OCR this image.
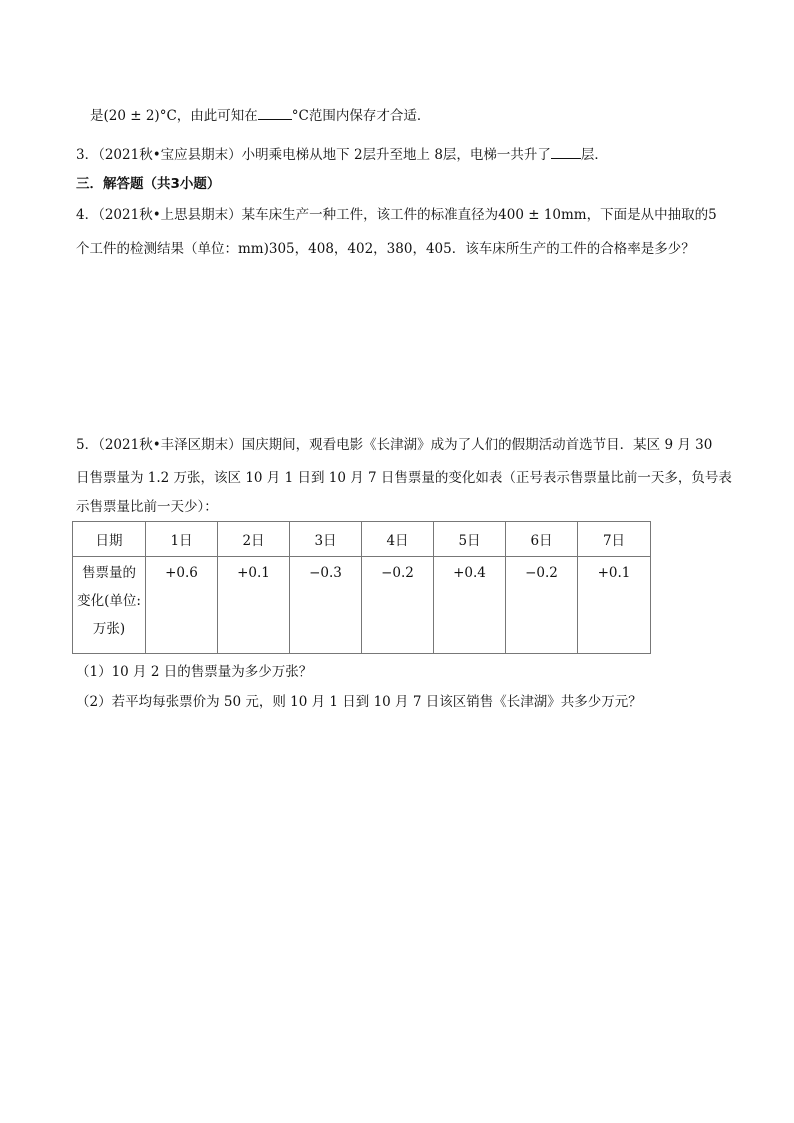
是(20 ± 2)°C，由此可知在	°C范围内保存才合适．
3．（2021秋•宝应县期末）小明乘电梯从地下 2层升至地上 8层，电梯一共升了 层．
三．解答题（共3小题）
4．（2021秋•上思县期末）某车床生产一种工件，该工件的标准直径为400 ± 10mm，下面是从中抽取的5
个工件的检测结果（单位：mm)305，408，402，380，405．该车床所生产的工件的合格率是多少？
5．（2021秋•丰泽区期末）国庆期间，观看电影《长津湖》成为了人们的假期活动首选节目．某区 9 月 30
日售票量为 1.2 万张，该区 10 月 1 日到 10 月 7 日售票量的变化如表（正号表示售票量比前一天多，负号表
示售票量比前一天少）：
日期	1日	2日	3日	4日	5日	6日	7日

售票量的
变化(单位:
万张)	+0.6	+0.1	−0.3	−0.2	+0.4	−0.2	+0.1
（1）10 月 2 日的售票量为多少万张？
（2）若平均每张票价为 50 元，则 10 月 1 日到 10 月 7 日该区销售《长津湖》共多少万元？
